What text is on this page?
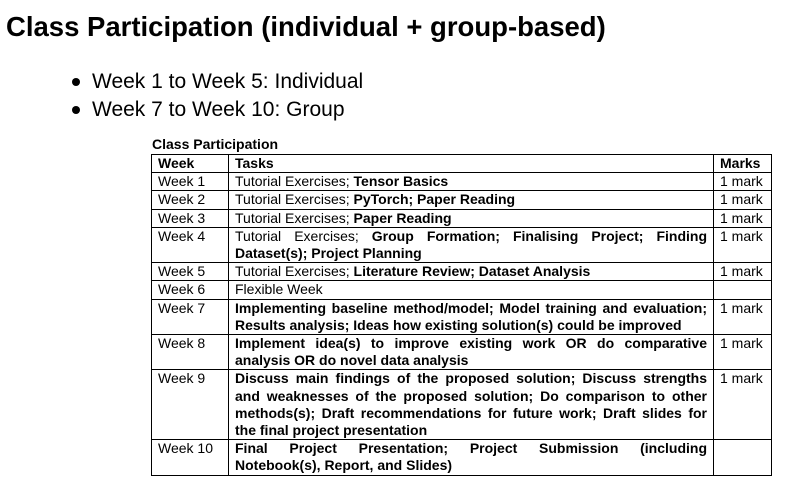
Class Participation (individual + group-based)
Week 1 to Week 5: Individual
Week 7 to Week 10: Group
Class Participation
Week	Tasks	Marks
Week 1	Tutorial Exercises; Tensor Basics	1 mark
Week 2	Tutorial Exercises; PyTorch; Paper Reading	1 mark
Week 3	Tutorial Exercises; Paper Reading	1 mark
Week 4	Tutorial Exercises; Group Formation; Finalising Project; Finding Dataset(s); Project Planning	1 mark
Week 5	Tutorial Exercises; Literature Review; Dataset Analysis	1 mark
Week 6	Flexible Week	
Week 7	Implementing baseline method/model; Model training and evaluation; Results analysis; Ideas how existing solution(s) could be improved	1 mark
Week 8	Implement idea(s) to improve existing work OR do comparative analysis OR do novel data analysis	1 mark
Week 9	Discuss main findings of the proposed solution; Discuss strengths and weaknesses of the proposed solution; Do comparison to other methods(s); Draft recommendations for future work; Draft slides for the final project presentation	1 mark
Week 10	Final Project Presentation; Project Submission (including Notebook(s), Report, and Slides)	
